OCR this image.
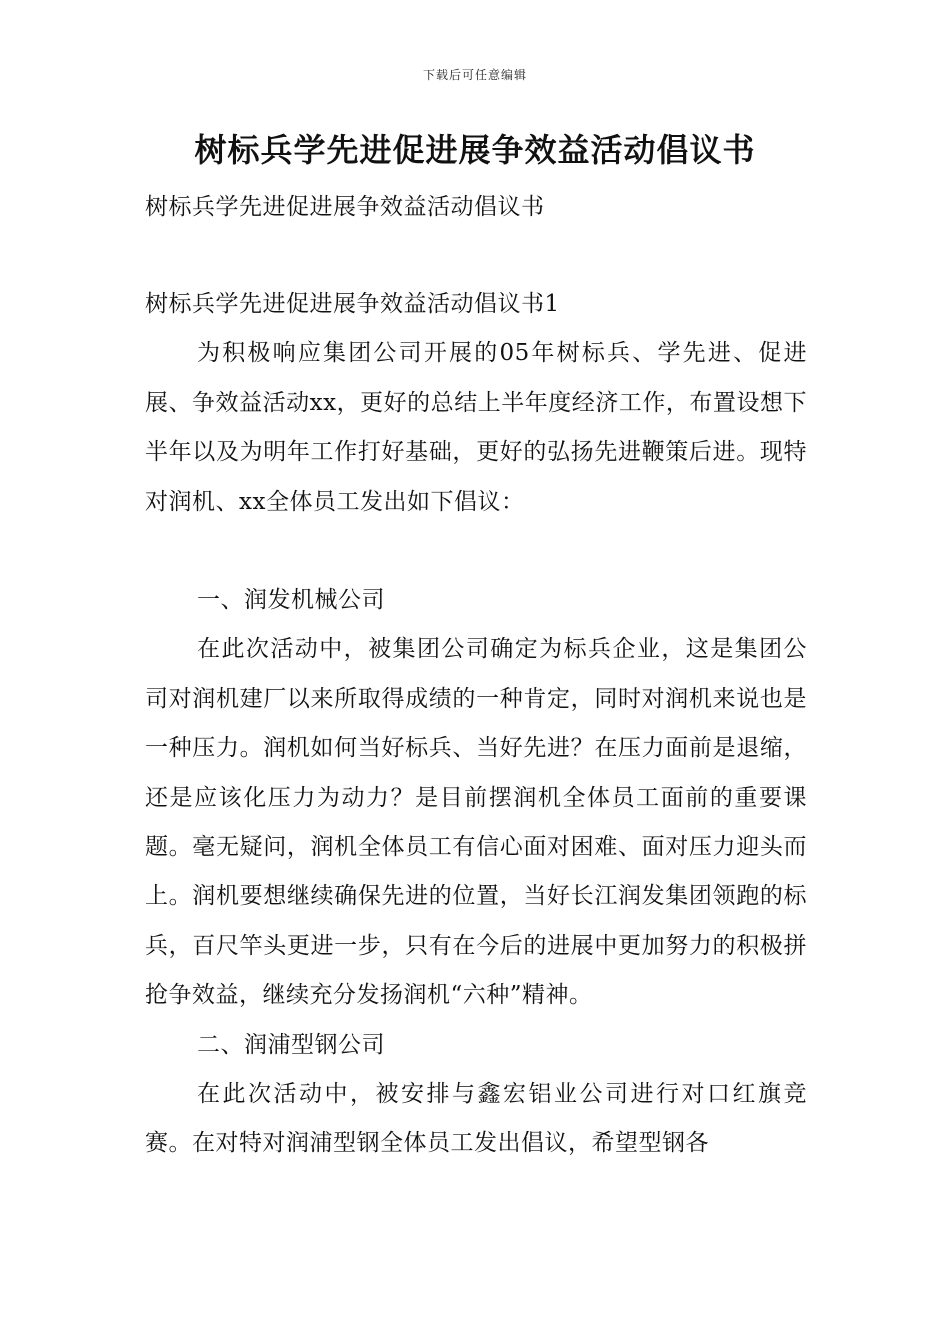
下载后可任意编辑
树标兵学先进促进展争效益活动倡议书

树标兵学先进促进展争效益活动倡议书

树标兵学先进促进展争效益活动倡议书1

为积极响应集团公司开展的05年树标兵、学先进、促进展、争效益活动xx，更好的总结上半年度经济工作，布置设想下半年以及为明年工作打好基础，更好的弘扬先进鞭策后进。现特对润机、xx全体员工发出如下倡议：

一、润发机械公司

在此次活动中，被集团公司确定为标兵企业，这是集团公司对润机建厂以来所取得成绩的一种肯定，同时对润机来说也是一种压力。润机如何当好标兵、当好先进？在压力面前是退缩，还是应该化压力为动力？是目前摆润机全体员工面前的重要课题。毫无疑问，润机全体员工有信心面对困难、面对压力迎头而上。润机要想继续确保先进的位置，当好长江润发集团领跑的标兵，百尺竿头更进一步，只有在今后的进展中更加努力的积极拼抢争效益，继续充分发扬润机“六种”精神。

二、润浦型钢公司

在此次活动中，被安排与鑫宏铝业公司进行对口红旗竞赛。在对特对润浦型钢全体员工发出倡议，希望型钢各
